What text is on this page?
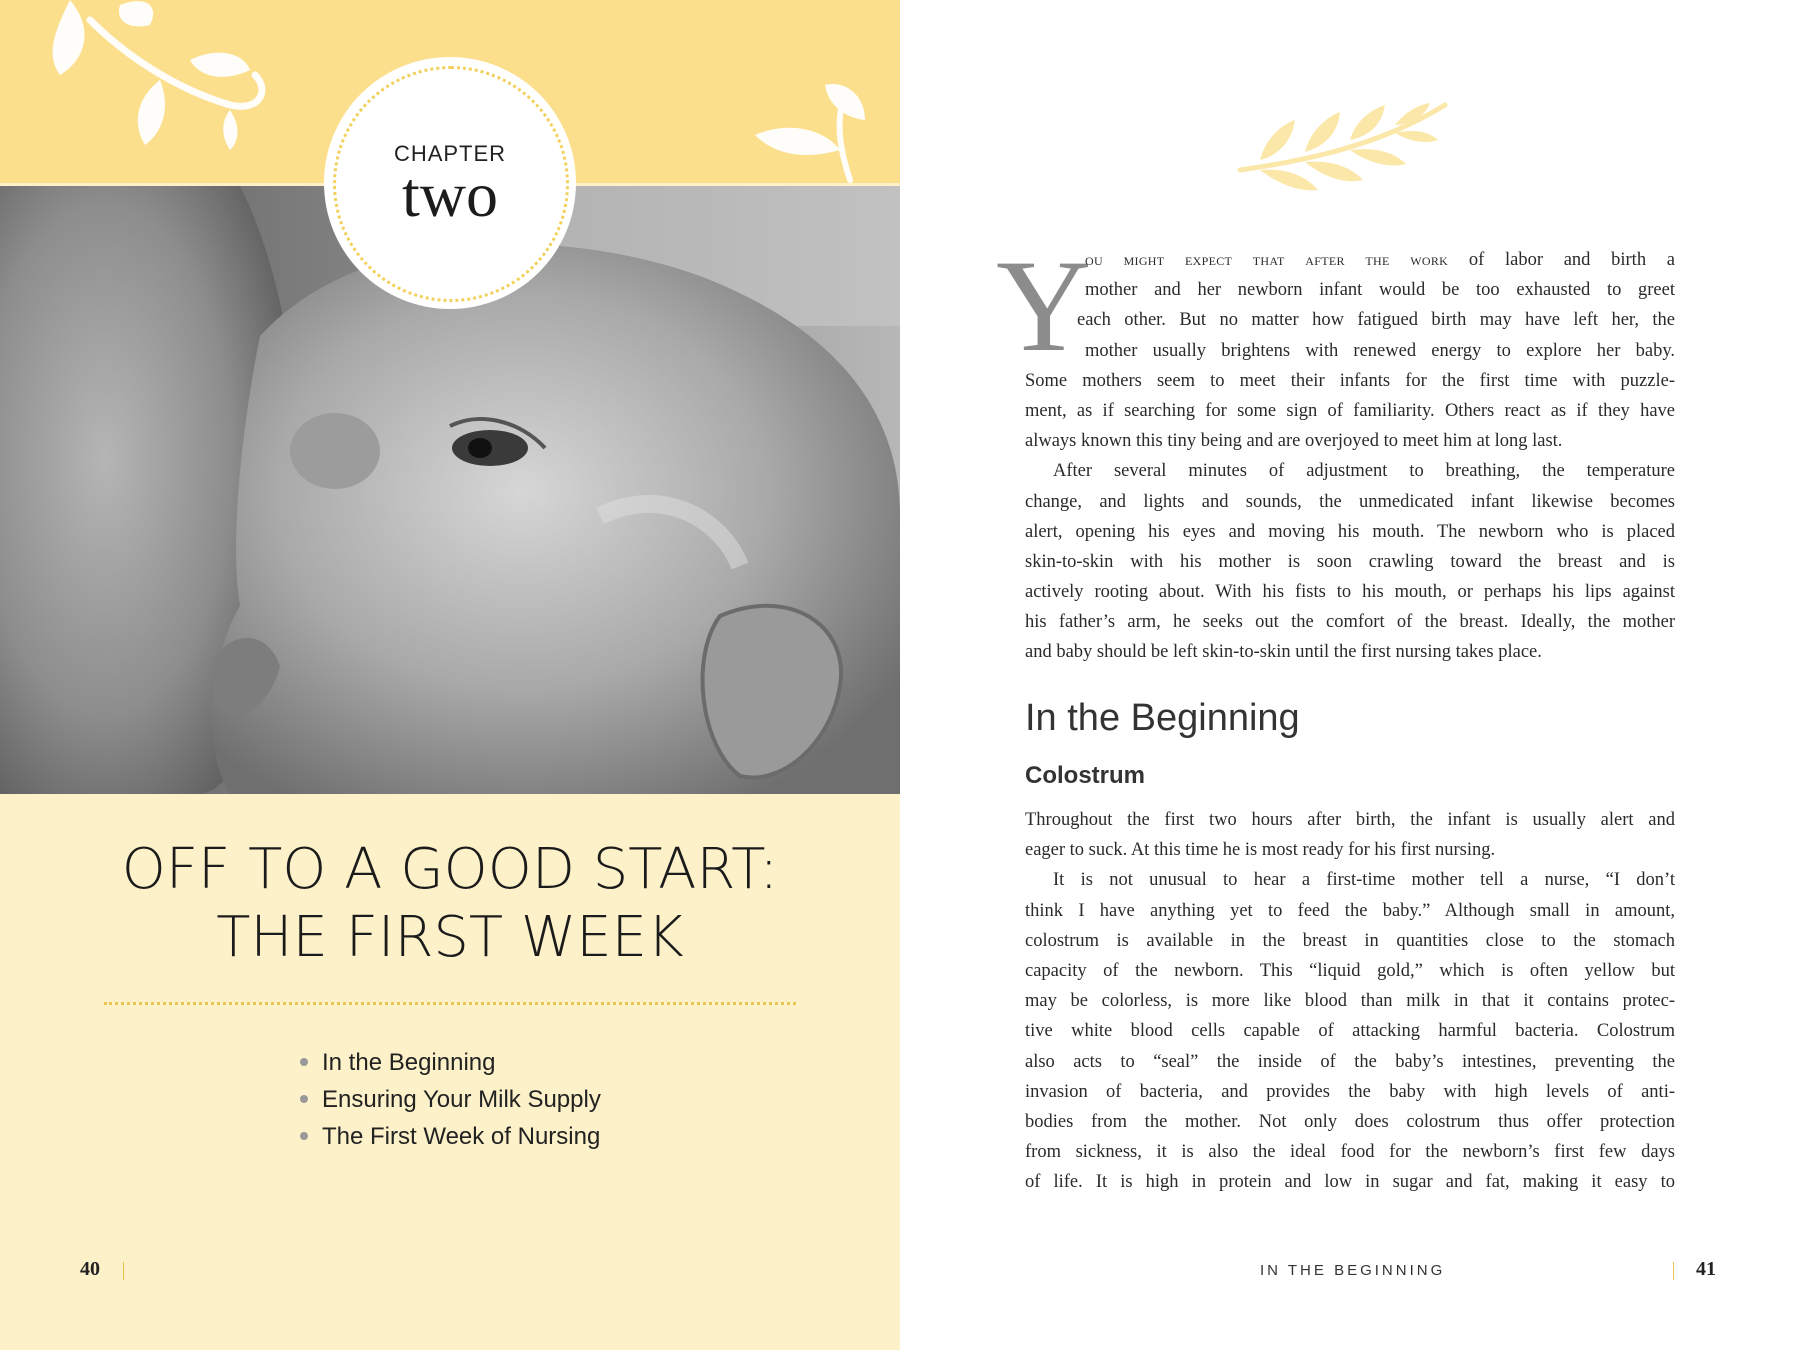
CHAPTER
two
OFF TO A GOOD START:
THE FIRST WEEK
In the Beginning
Ensuring Your Milk Supply
The First Week of Nursing
40
Y
ou might expect that after the work of labor and birth a
mother and her newborn infant would be too exhausted to greet
each other. But no matter how fatigued birth may have left her, the
mother usually brightens with renewed energy to explore her baby.
Some mothers seem to meet their infants for the first time with puzzle-
ment, as if searching for some sign of familiarity. Others react as if they have
always known this tiny being and are overjoyed to meet him at long last.
After several minutes of adjustment to breathing, the temperature
change, and lights and sounds, the unmedicated infant likewise becomes
alert, opening his eyes and moving his mouth. The newborn who is placed
skin-to-skin with his mother is soon crawling toward the breast and is
actively rooting about. With his fists to his mouth, or perhaps his lips against
his father’s arm, he seeks out the comfort of the breast. Ideally, the mother
and baby should be left skin-to-skin until the first nursing takes place.
In the Beginning
Colostrum
Throughout the first two hours after birth, the infant is usually alert and
eager to suck. At this time he is most ready for his first nursing.
It is not unusual to hear a first-time mother tell a nurse, “I don’t
think I have anything yet to feed the baby.” Although small in amount,
colostrum is available in the breast in quantities close to the stomach
capacity of the newborn. This “liquid gold,” which is often yellow but
may be colorless, is more like blood than milk in that it contains protec-
tive white blood cells capable of attacking harmful bacteria. Colostrum
also acts to “seal” the inside of the baby’s intestines, preventing the
invasion of bacteria, and provides the baby with high levels of anti-
bodies from the mother. Not only does colostrum thus offer protection
from sickness, it is also the ideal food for the newborn’s first few days
of life. It is high in protein and low in sugar and fat, making it easy to
IN THE BEGINNING	41
